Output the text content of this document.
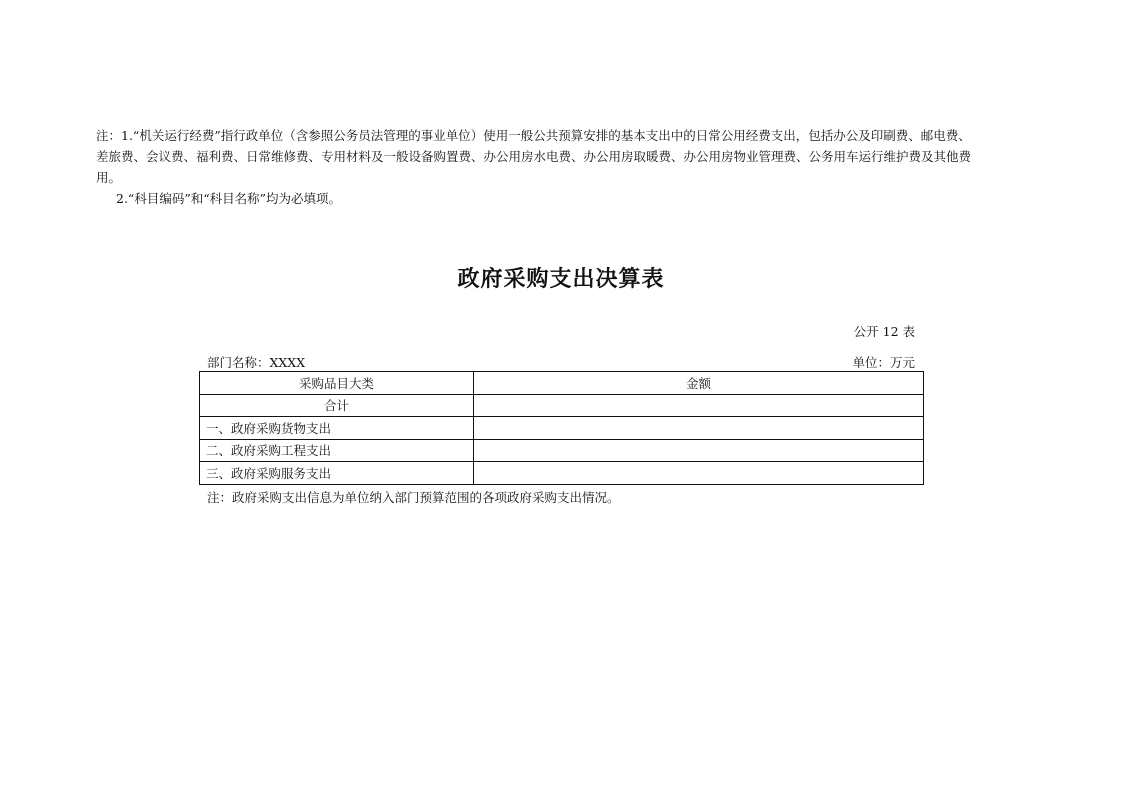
注：1.“机关运行经费”指行政单位（含参照公务员法管理的事业单位）使用一般公共预算安排的基本支出中的日常公用经费支出，包括办公及印刷费、邮电费、
差旅费、会议费、福利费、日常维修费、专用材料及一般设备购置费、办公用房水电费、办公用房取暖费、办公用房物业管理费、公务用车运行维护费及其他费
用。
2.“科目编码”和“科目名称”均为必填项。
政府采购支出决算表
公开 12 表
部门名称：XXXX	单位：万元
采购品目大类	金额
合计	
一、政府采购货物支出	
二、政府采购工程支出	
三、政府采购服务支出	
注：政府采购支出信息为单位纳入部门预算范围的各项政府采购支出情况。
